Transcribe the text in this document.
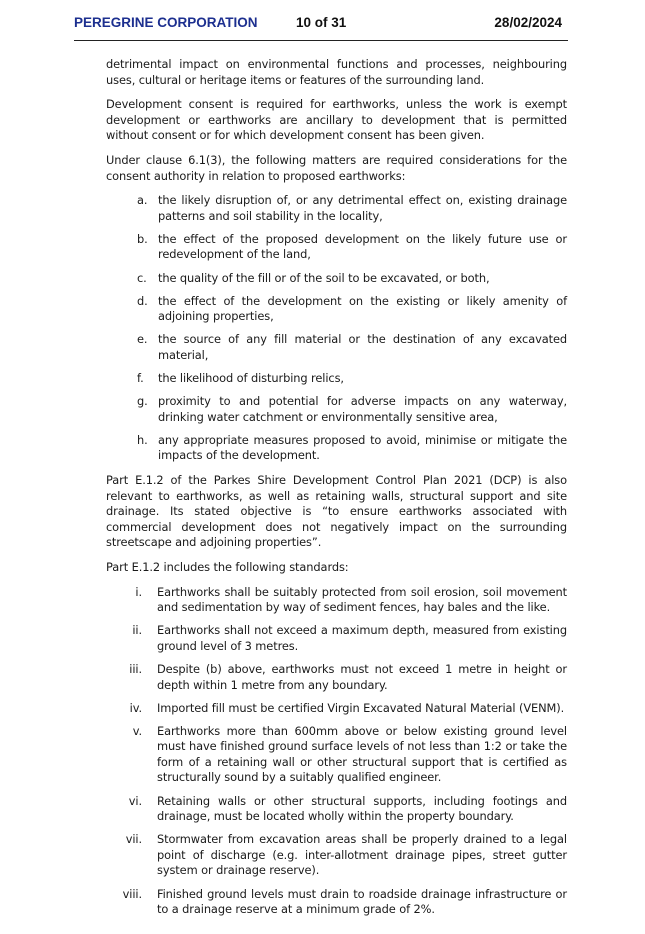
PEREGRINE CORPORATION	10 of 31	28/02/2024

detrimental impact on environmental functions and processes, neighbouring uses, cultural or heritage items or features of the surrounding land.

Development consent is required for earthworks, unless the work is exempt development or earthworks are ancillary to development that is permitted without consent or for which development consent has been given.

Under clause 6.1(3), the following matters are required considerations for the consent authority in relation to proposed earthworks:

a. the likely disruption of, or any detrimental effect on, existing drainage patterns and soil stability in the locality,
b. the effect of the proposed development on the likely future use or redevelopment of the land,
c. the quality of the fill or of the soil to be excavated, or both,
d. the effect of the development on the existing or likely amenity of adjoining properties,
e. the source of any fill material or the destination of any excavated material,
f.	the likelihood of disturbing relics,
g. proximity to and potential for adverse impacts on any waterway, drinking water catchment or environmentally sensitive area,
h. any appropriate measures proposed to avoid, minimise or mitigate the impacts of the development.

Part E.1.2 of the Parkes Shire Development Control Plan 2021 (DCP) is also relevant to earthworks, as well as retaining walls, structural support and site drainage. Its stated objective is “to ensure earthworks associated with commercial development does not negatively impact on the surrounding streetscape and adjoining properties”.

Part E.1.2 includes the following standards:

i. Earthworks shall be suitably protected from soil erosion, soil movement and sedimentation by way of sediment fences, hay bales and the like.
ii. Earthworks shall not exceed a maximum depth, measured from existing ground level of 3 metres.
iii. Despite (b) above, earthworks must not exceed 1 metre in height or depth within 1 metre from any boundary.
iv. Imported fill must be certified Virgin Excavated Natural Material (VENM).
v. Earthworks more than 600mm above or below existing ground level must have finished ground surface levels of not less than 1:2 or take the form of a retaining wall or other structural support that is certified as structurally sound by a suitably qualified engineer.
vi. Retaining walls or other structural supports, including footings and drainage, must be located wholly within the property boundary.
vii. Stormwater from excavation areas shall be properly drained to a legal point of discharge (e.g. inter-allotment drainage pipes, street gutter system or drainage reserve).
viii. Finished ground levels must drain to roadside drainage infrastructure or to a drainage reserve at a minimum grade of 2%.
